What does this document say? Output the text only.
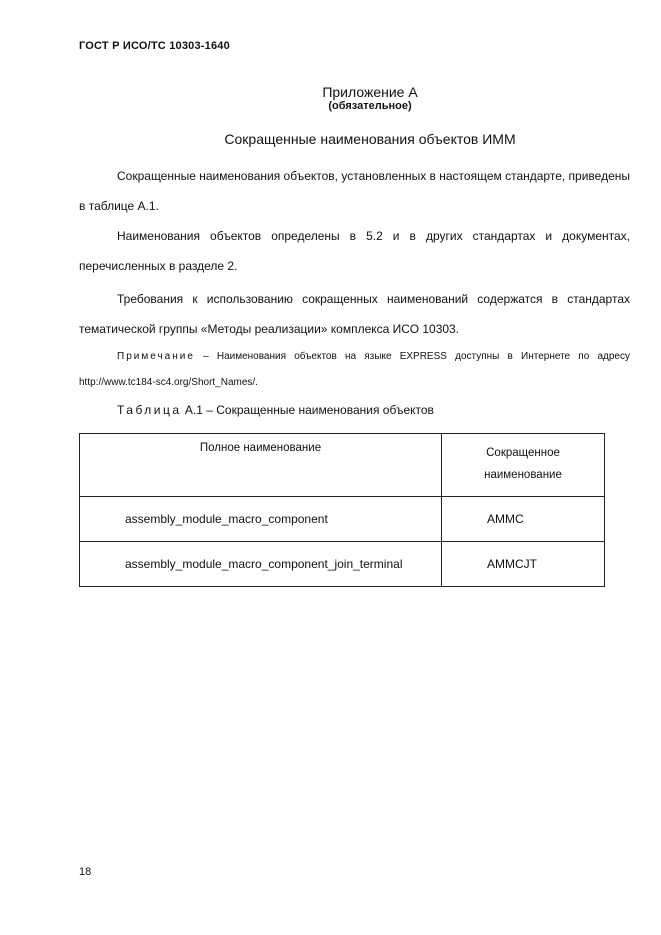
ГОСТ Р ИСО/ТС 10303-1640
Приложение А
(обязательное)
Сокращенные наименования объектов ИММ

Сокращенные наименования объектов, установленных в настоящем стандарте, приведены в таблице А.1.

Наименования объектов определены в 5.2 и в других стандартах и документах, перечисленных в разделе 2.

Требования к использованию сокращенных наименований содержатся в стандартах тематической группы «Методы реализации» комплекса ИСО 10303.

Примечание – Наименования объектов на языке EXPRESS доступны в Интернете по адресу http://www.tc184-sc4.org/Short_Names/.

Таблица А.1 – Сокращенные наименования объектов
Полное наименование	Сокращенное
наименование

assembly_module_macro_component	AMMC
assembly_module_macro_component_join_terminal	AMMCJT
18
